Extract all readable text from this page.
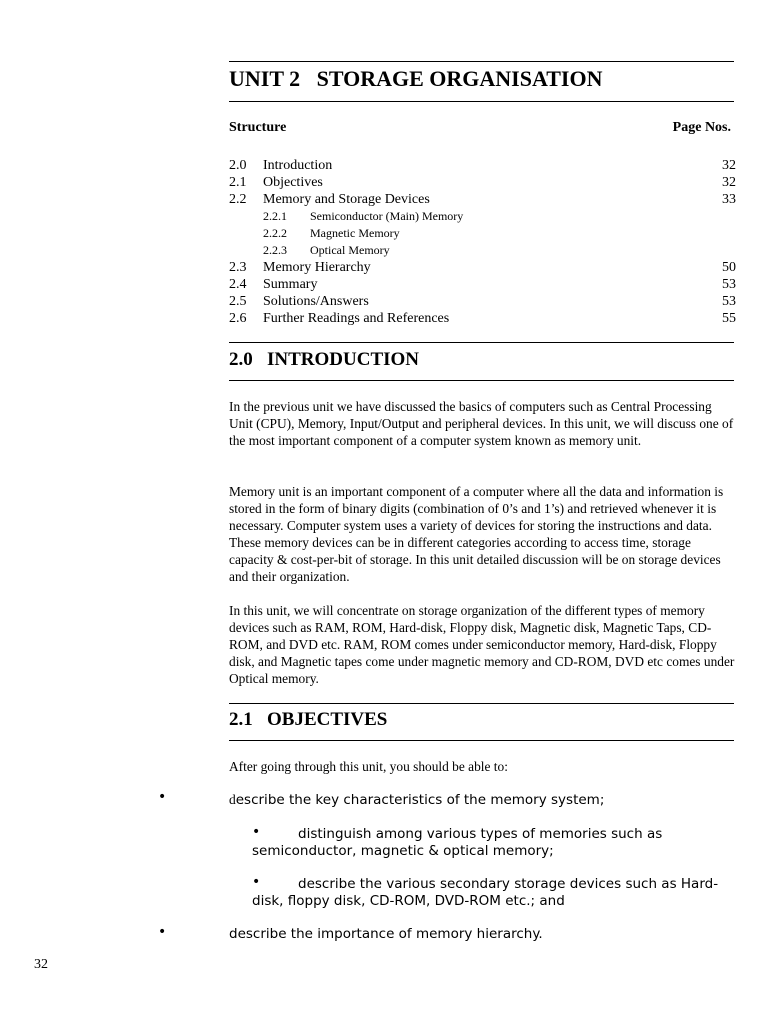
UNIT 2   STORAGE ORGANISATION
Structure	Page Nos.
2.0 Introduction	32
2.1 Objectives	32
2.2 Memory and Storage Devices	33
2.2.1 Semiconductor (Main) Memory
2.2.2 Magnetic Memory
2.2.3 Optical Memory
2.3 Memory Hierarchy	50
2.4 Summary	53
2.5 Solutions/Answers	53
2.6 Further Readings and References	55
2.0   INTRODUCTION
In the previous unit we have discussed the basics of computers such as Central Processing Unit (CPU), Memory, Input/Output and peripheral devices. In this unit, we will discuss one of the most important component of a computer system known as memory unit.
Memory unit is an important component of a computer where all the data and information is stored in the form of binary digits (combination of 0’s and 1’s) and retrieved whenever it is necessary. Computer system uses a variety of devices for storing the instructions and data. These memory devices can be in different categories according to access time, storage capacity & cost-per-bit of storage. In this unit detailed discussion will be on storage devices and their organization.
In this unit, we will concentrate on storage organization of the different types of memory devices such as RAM, ROM, Hard-disk, Floppy disk, Magnetic disk, Magnetic Taps, CD-ROM, and DVD etc. RAM, ROM comes under semiconductor memory, Hard-disk, Floppy disk, and Magnetic tapes come under magnetic memory and CD-ROM, DVD etc comes under Optical memory.
2.1   OBJECTIVES
After going through this unit, you should be able to:
•	describe the key characteristics of the memory system;
•	distinguish among various types of memories such as semiconductor, magnetic & optical memory;
•	describe the various secondary storage devices such as Hard-disk, floppy disk, CD-ROM, DVD-ROM etc.; and
•	describe the importance of memory hierarchy.
32
